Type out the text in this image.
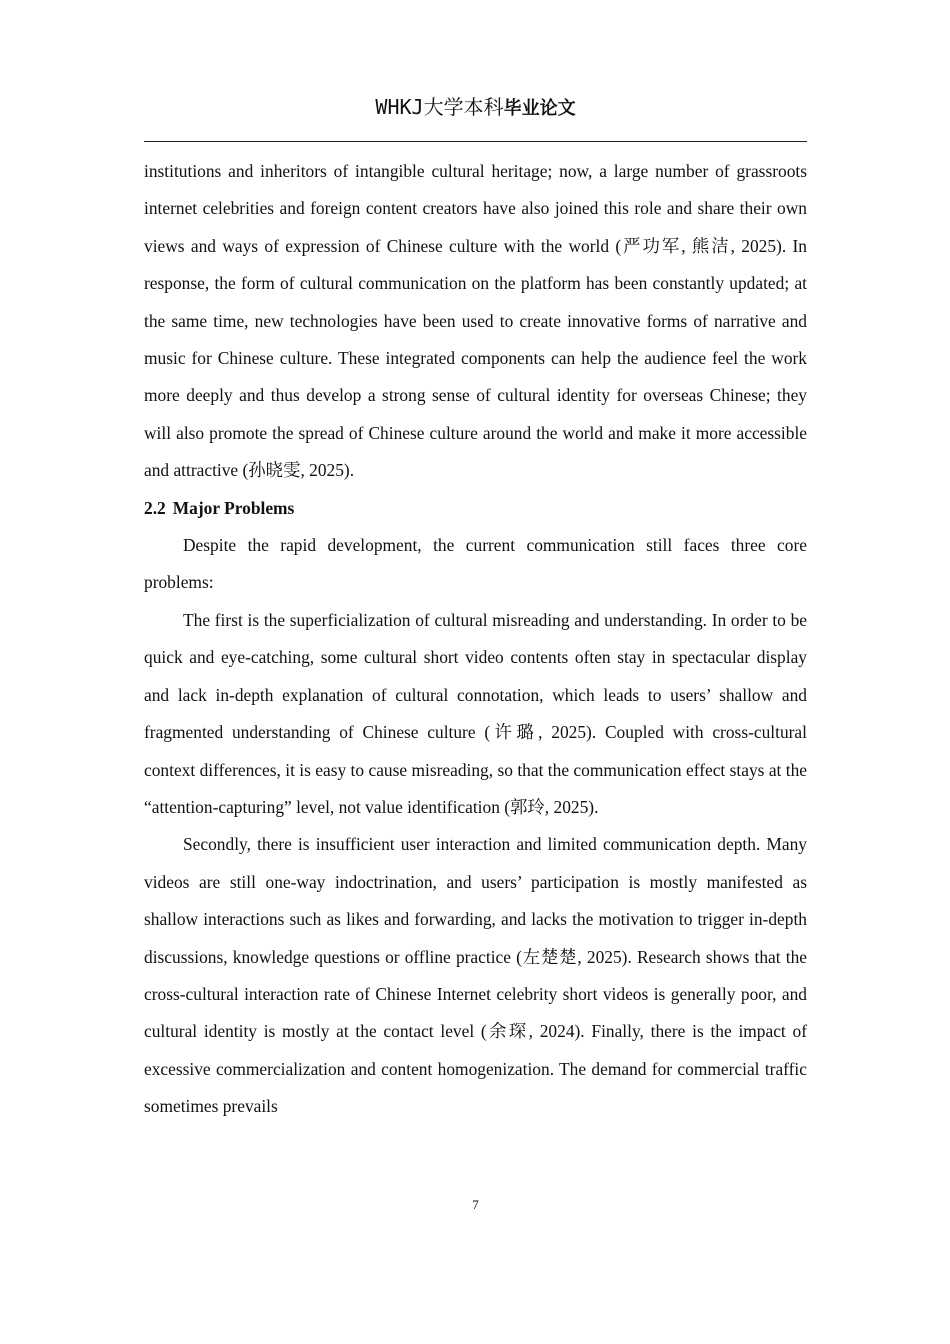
WHKJ大学本科毕业论文

institutions and inheritors of intangible cultural heritage; now, a large number of grassroots internet celebrities and foreign content creators have also joined this role and share their own views and ways of expression of Chinese culture with the world (严功军, 熊洁, 2025). In response, the form of cultural communication on the platform has been constantly updated; at the same time, new technologies have been used to create innovative forms of narrative and music for Chinese culture. These integrated components can help the audience feel the work more deeply and thus develop a strong sense of cultural identity for overseas Chinese; they will also promote the spread of Chinese culture around the world and make it more accessible and attractive (孙晓雯, 2025).

2.2 Major Problems

Despite the rapid development, the current communication still faces three core problems:

The first is the superficialization of cultural misreading and understanding. In order to be quick and eye-catching, some cultural short video contents often stay in spectacular display and lack in-depth explanation of cultural connotation, which leads to users’ shallow and fragmented understanding of Chinese culture (许璐, 2025). Coupled with cross-cultural context differences, it is easy to cause misreading, so that the communication effect stays at the “attention-capturing” level, not value identification (郭玲, 2025).

Secondly, there is insufficient user interaction and limited communication depth. Many videos are still one-way indoctrination, and users’ participation is mostly manifested as shallow interactions such as likes and forwarding, and lacks the motivation to trigger in-depth discussions, knowledge questions or offline practice (左楚楚, 2025). Research shows that the cross-cultural interaction rate of Chinese Internet celebrity short videos is generally poor, and cultural identity is mostly at the contact level (余琛, 2024). Finally, there is the impact of excessive commercialization and content homogenization. The demand for commercial traffic sometimes prevails

7
